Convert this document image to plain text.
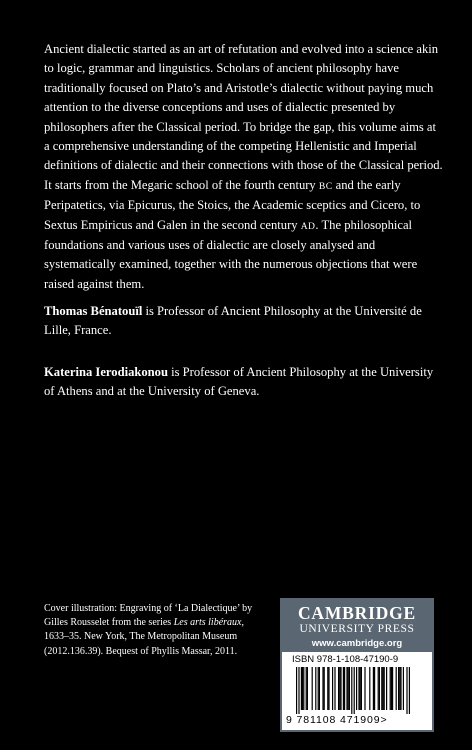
Ancient dialectic started as an art of refutation and evolved into a science akin to logic, grammar and linguistics. Scholars of ancient philosophy have traditionally focused on Plato’s and Aristotle’s dialectic without paying much attention to the diverse conceptions and uses of dialectic presented by philosophers after the Classical period. To bridge the gap, this volume aims at a comprehensive understanding of the competing Hellenistic and Imperial definitions of dialectic and their connections with those of the Classical period. It starts from the Megaric school of the fourth century BC and the early Peripatetics, via Epicurus, the Stoics, the Academic sceptics and Cicero, to Sextus Empiricus and Galen in the second century AD. The philosophical foundations and various uses of dialectic are closely analysed and systematically examined, together with the numerous objections that were raised against them.

Thomas Bénatouïl is Professor of Ancient Philosophy at the Université de Lille, France.

Katerina Ierodiakonou is Professor of Ancient Philosophy at the University of Athens and at the University of Geneva.

Cover illustration: Engraving of ‘La Dialectique’ by Gilles Rousselet from the series Les arts libéraux, 1633–35. New York, The Metropolitan Museum (2012.136.39). Bequest of Phyllis Massar, 2011.

CAMBRIDGE
UNIVERSITY PRESS
www.cambridge.org
ISBN 978-1-108-47190-9
9 781108 471909>
